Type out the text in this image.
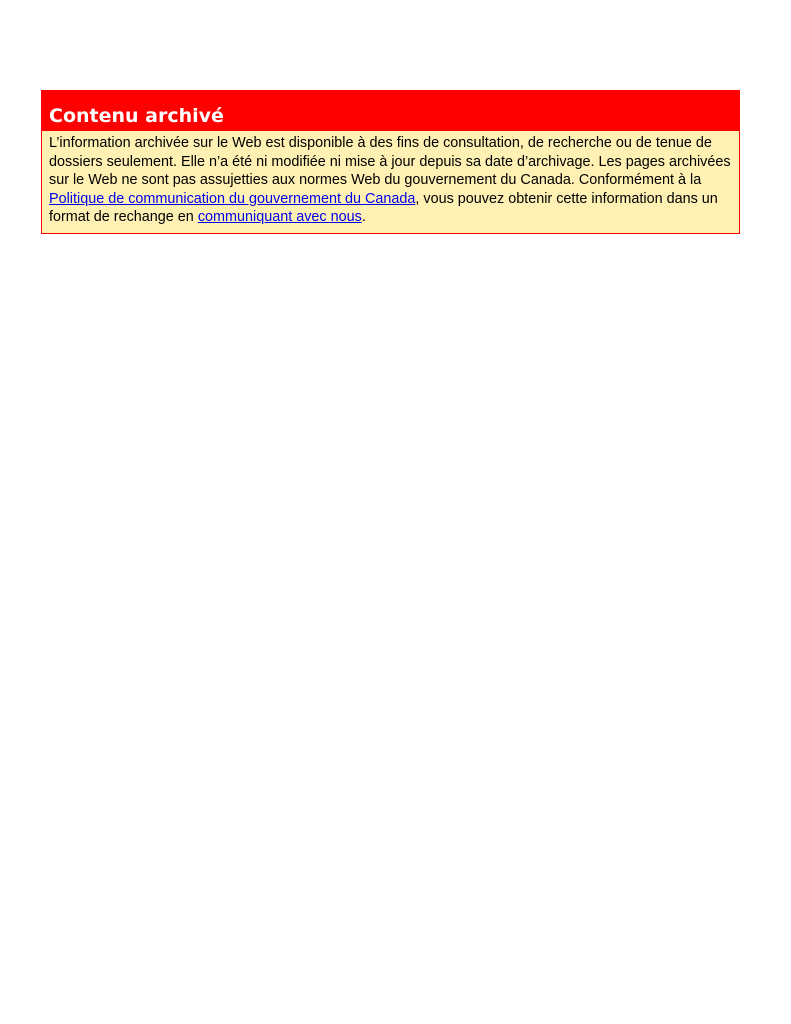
Contenu archivé
L’information archivée sur le Web est disponible à des fins de consultation, de recherche ou de tenue de dossiers seulement. Elle n’a été ni modifiée ni mise à jour depuis sa date d’archivage. Les pages archivées sur le Web ne sont pas assujetties aux normes Web du gouvernement du Canada. Conformément à la Politique de communication du gouvernement du Canada, vous pouvez obtenir cette information dans un format de rechange en communiquant avec nous.
